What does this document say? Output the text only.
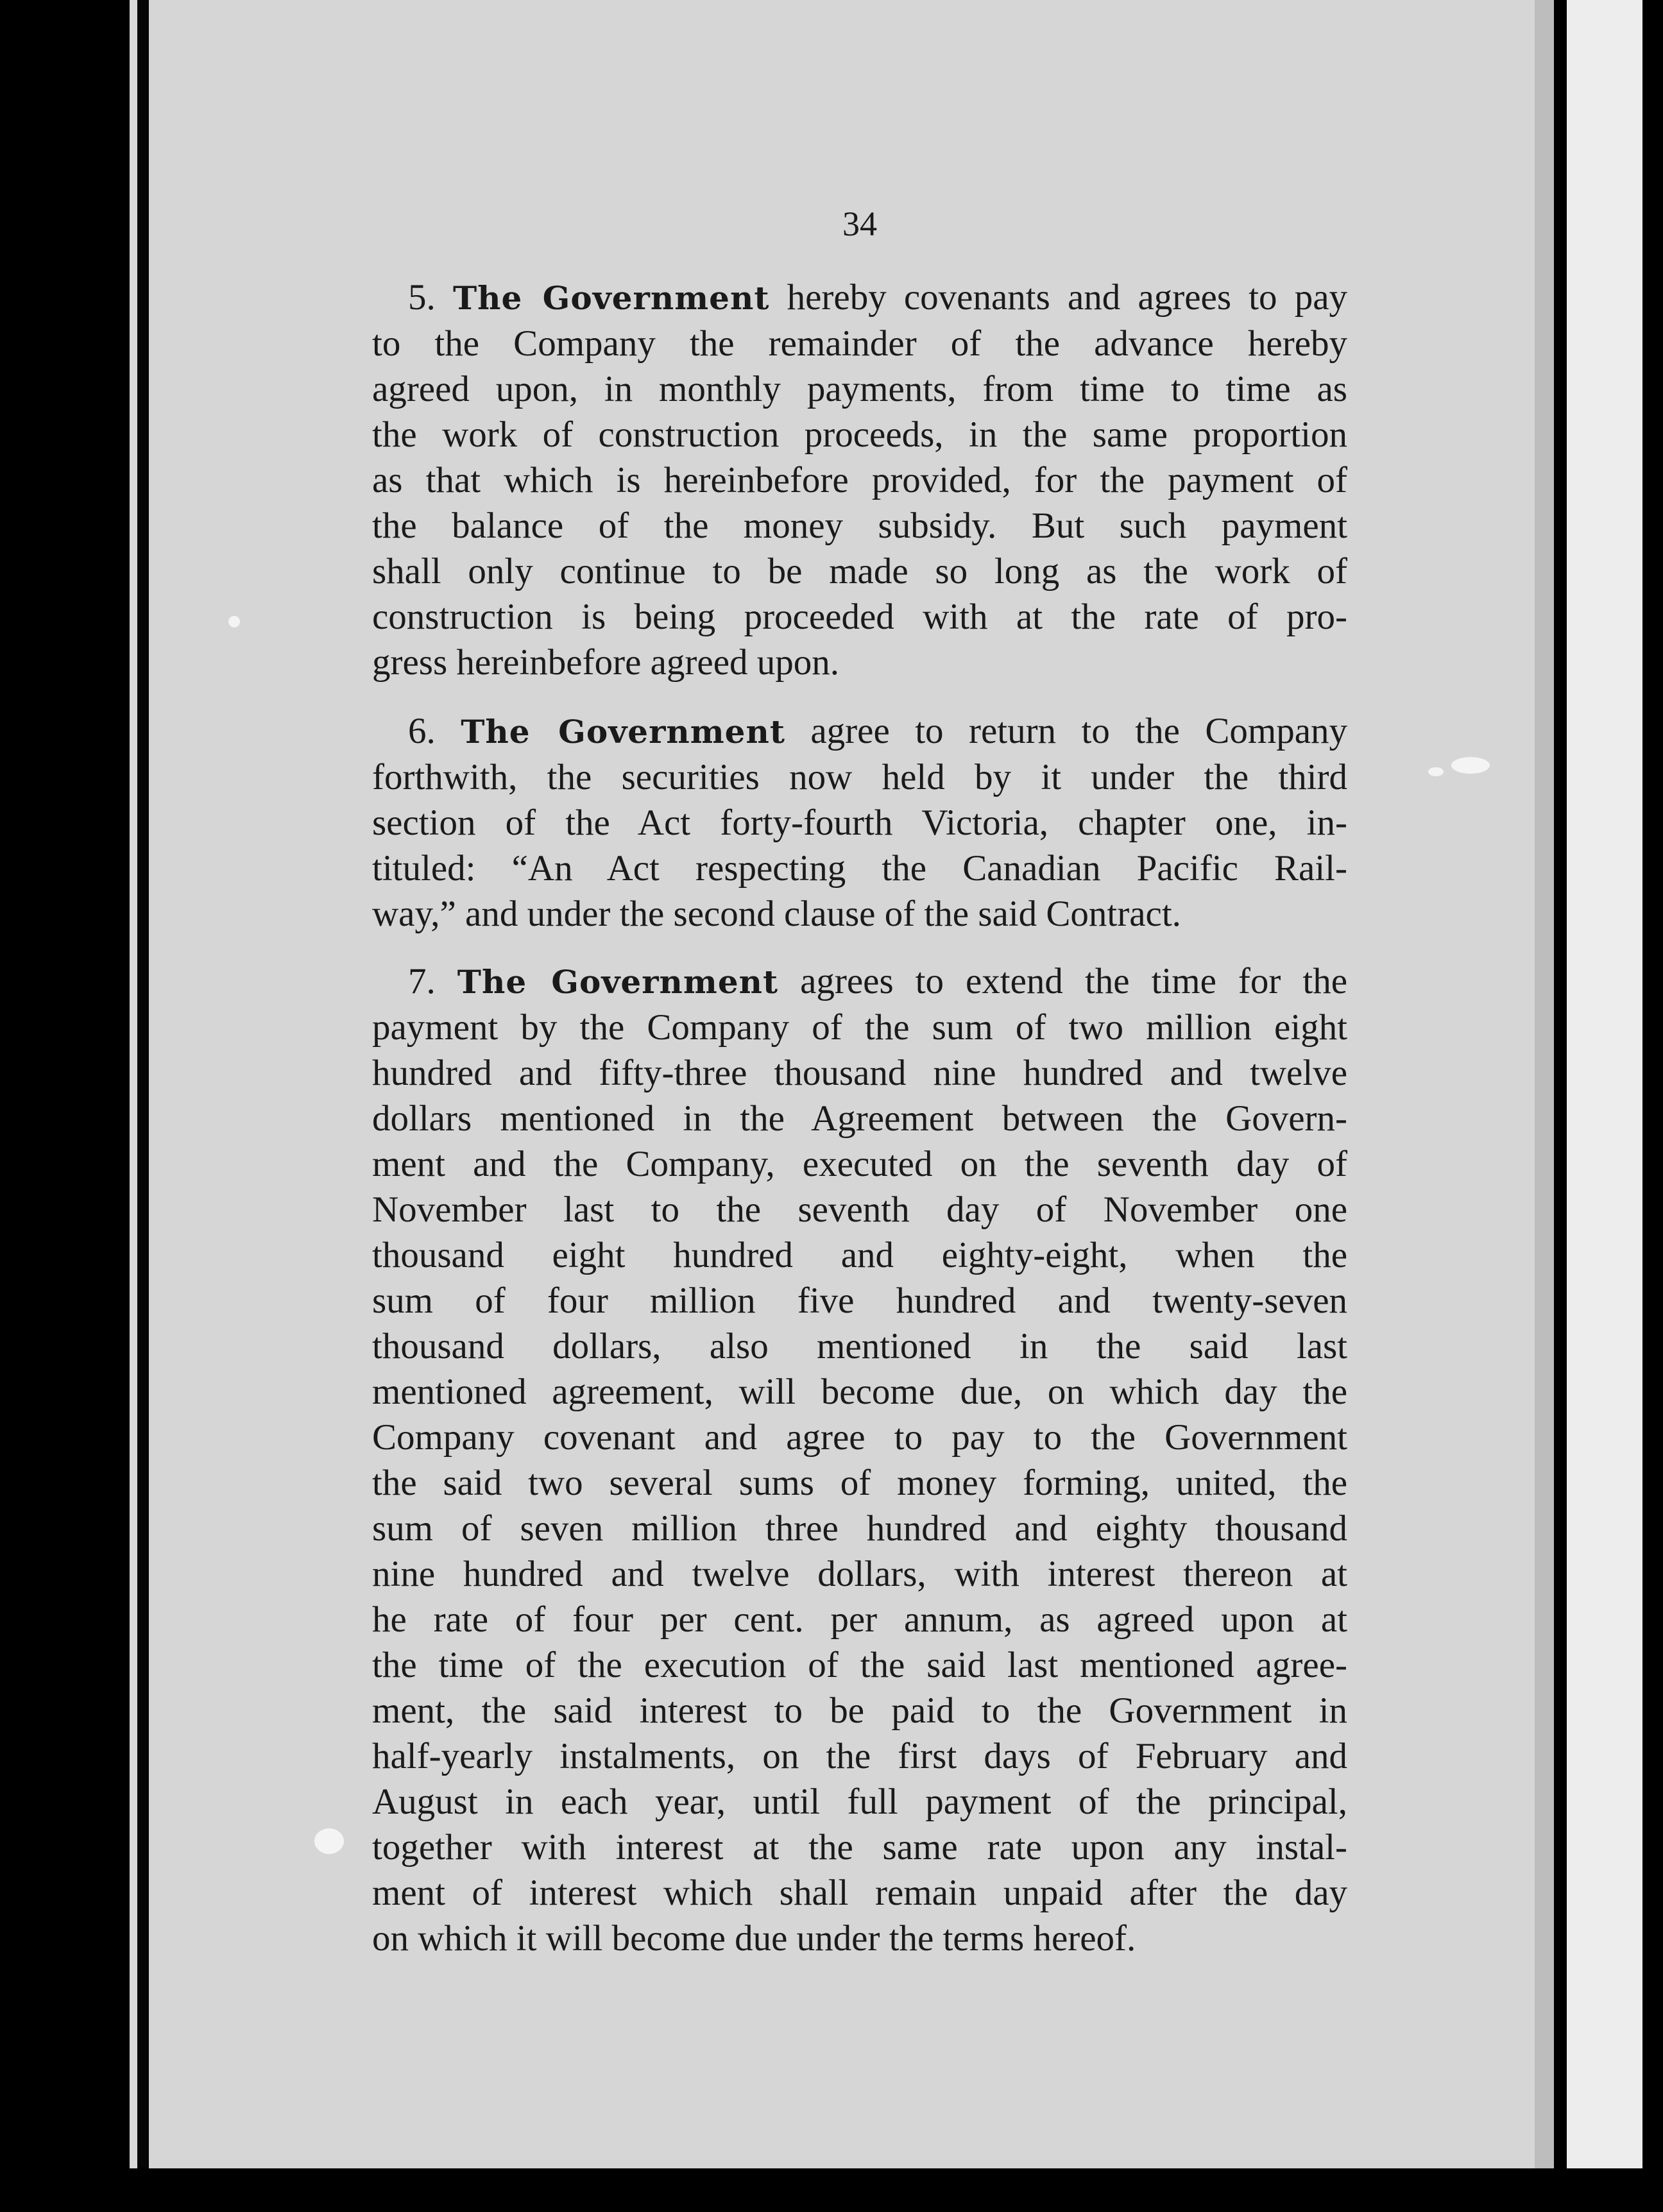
34
5. The Government hereby covenants and agrees to pay
to the Company the remainder of the advance hereby
agreed upon, in monthly payments, from time to time as
the work of construction proceeds, in the same proportion
as that which is hereinbefore provided, for the payment of
the balance of the money subsidy. But such payment
shall only continue to be made so long as the work of
construction is being proceeded with at the rate of pro-
gress hereinbefore agreed upon.
6. The Government agree to return to the Company
forthwith, the securities now held by it under the third
section of the Act forty-fourth Victoria, chapter one, in-
tituled: “An Act respecting the Canadian Pacific Rail-
way,” and under the second clause of the said Contract.
7. The Government agrees to extend the time for the
payment by the Company of the sum of two million eight
hundred and fifty-three thousand nine hundred and twelve
dollars mentioned in the Agreement between the Govern-
ment and the Company, executed on the seventh day of
November last to the seventh day of November one
thousand eight hundred and eighty-eight, when the
sum of four million five hundred and twenty-seven
thousand dollars, also mentioned in the said last
mentioned agreement, will become due, on which day the
Company covenant and agree to pay to the Government
the said two several sums of money forming, united, the
sum of seven million three hundred and eighty thousand
nine hundred and twelve dollars, with interest thereon at
he rate of four per cent. per annum, as agreed upon at
the time of the execution of the said last mentioned agree-
ment, the said interest to be paid to the Government in
half-yearly instalments, on the first days of February and
August in each year, until full payment of the principal,
together with interest at the same rate upon any instal-
ment of interest which shall remain unpaid after the day
on which it will become due under the terms hereof.
